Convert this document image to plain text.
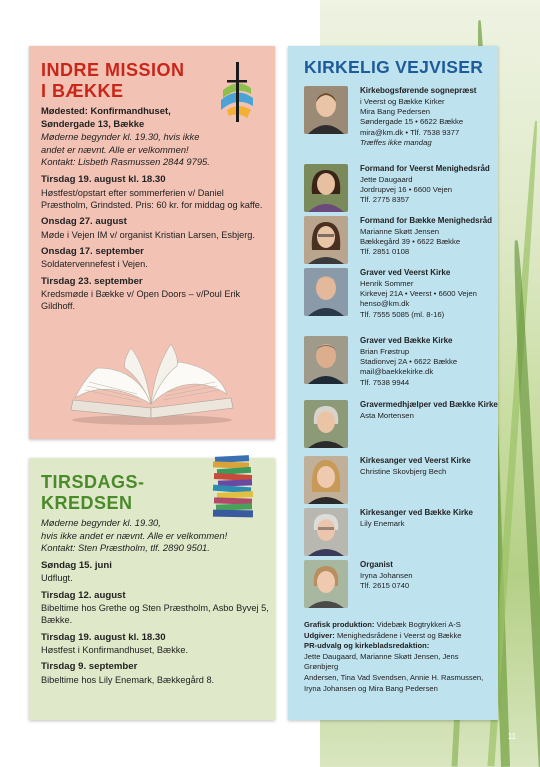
INDRE MISSION
I BÆKKE

Mødested: Konfirmandhuset,

Søndergade 13, Bække

Møderne begynder kl. 19.30, hvis ikke

andet er nævnt. Alle er velkommen!

Kontakt: Lisbeth Rasmussen 2844 9795.

Tirsdag 19. august kl. 18.30
Høstfest/opstart efter sommerferien v/ Daniel Præstholm, Grindsted. Pris: 60 kr. for middag og kaffe.
Onsdag 27. august
Møde i Vejen IM v/ organist Kristian Larsen, Esbjerg.
Onsdag 17. september
Soldatervennefest i Vejen.
Tirsdag 23. september
Kredsmøde i Bække v/ Open Doors – v/Poul Erik Gildhoff.
TIRSDAGS-
KREDSEN

Møderne begynder kl. 19.30,

hvis ikke andet er nævnt. Alle er velkommen!

Kontakt: Sten Præstholm, tlf. 2890 9501.

Søndag 15. juni
Udflugt.
Tirsdag 12. august
Bibeltime hos Grethe og Sten Præstholm, Asbo Byvej 5, Bække.
Tirsdag 19. august kl. 18.30
Høstfest i Konfirmandhuset, Bække.
Tirsdag 9. september
Bibeltime hos Lily Enemark, Bækkegård 8.
KIRKELIG VEJVISER
Kirkebogsførende sognepræst
i Veerst og Bække Kirker
Mira Bang Pedersen
Søndergade 15 • 6622 Bække
mira@km.dk • Tlf. 7538 9377
Træffes ikke mandag
Formand for Veerst Menighedsråd
Jette Daugaard
Jordrupvej 16 • 6600 Vejen
Tlf. 2775 8357
Formand for Bække Menighedsråd
Marianne Skøtt Jensen
Bækkegård 39 • 6622 Bække
Tlf. 2851 0108
Graver ved Veerst Kirke
Henrik Sommer
Kirkevej 21A • Veerst • 6600 Vejen
henso@km.dk
Tlf. 7555 5085 (ml. 8-16)
Graver ved Bække Kirke
Brian Frøstrup
Stadionvej 2A • 6622 Bække
mail@baekkekirke.dk
Tlf. 7538 9944
Gravermedhjælper ved Bække Kirke
Asta Mortensen
Kirkesanger ved Veerst Kirke
Christine Skovbjerg Bech
Kirkesanger ved Bække Kirke
Lily Enemark
Organist
Iryna Johansen
Tlf. 2615 0740
Grafisk produktion: Videbæk Bogtrykkeri A-S
Udgiver: Menighedsrådene i Veerst og Bække
PR-udvalg og kirkebladsredaktion:
Jette Daugaard, Marianne Skøtt Jensen, Jens Grønbjerg
Andersen, Tina Vad Svendsen, Annie H. Rasmussen,
Iryna Johansen og Mira Bang Pedersen
11
